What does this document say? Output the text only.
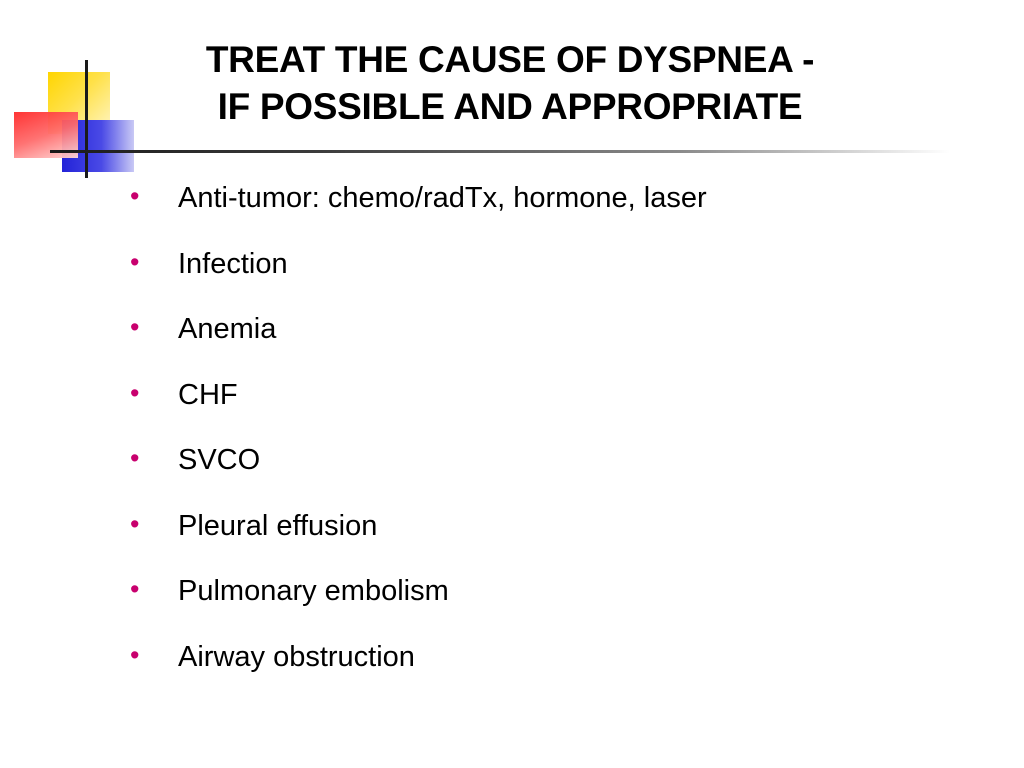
TREAT THE CAUSE OF DYSPNEA -
IF POSSIBLE AND APPROPRIATE
• Anti-tumor: chemo/radTx, hormone, laser
• Infection
• Anemia
• CHF
• SVCO
• Pleural effusion
• Pulmonary embolism
• Airway obstruction
